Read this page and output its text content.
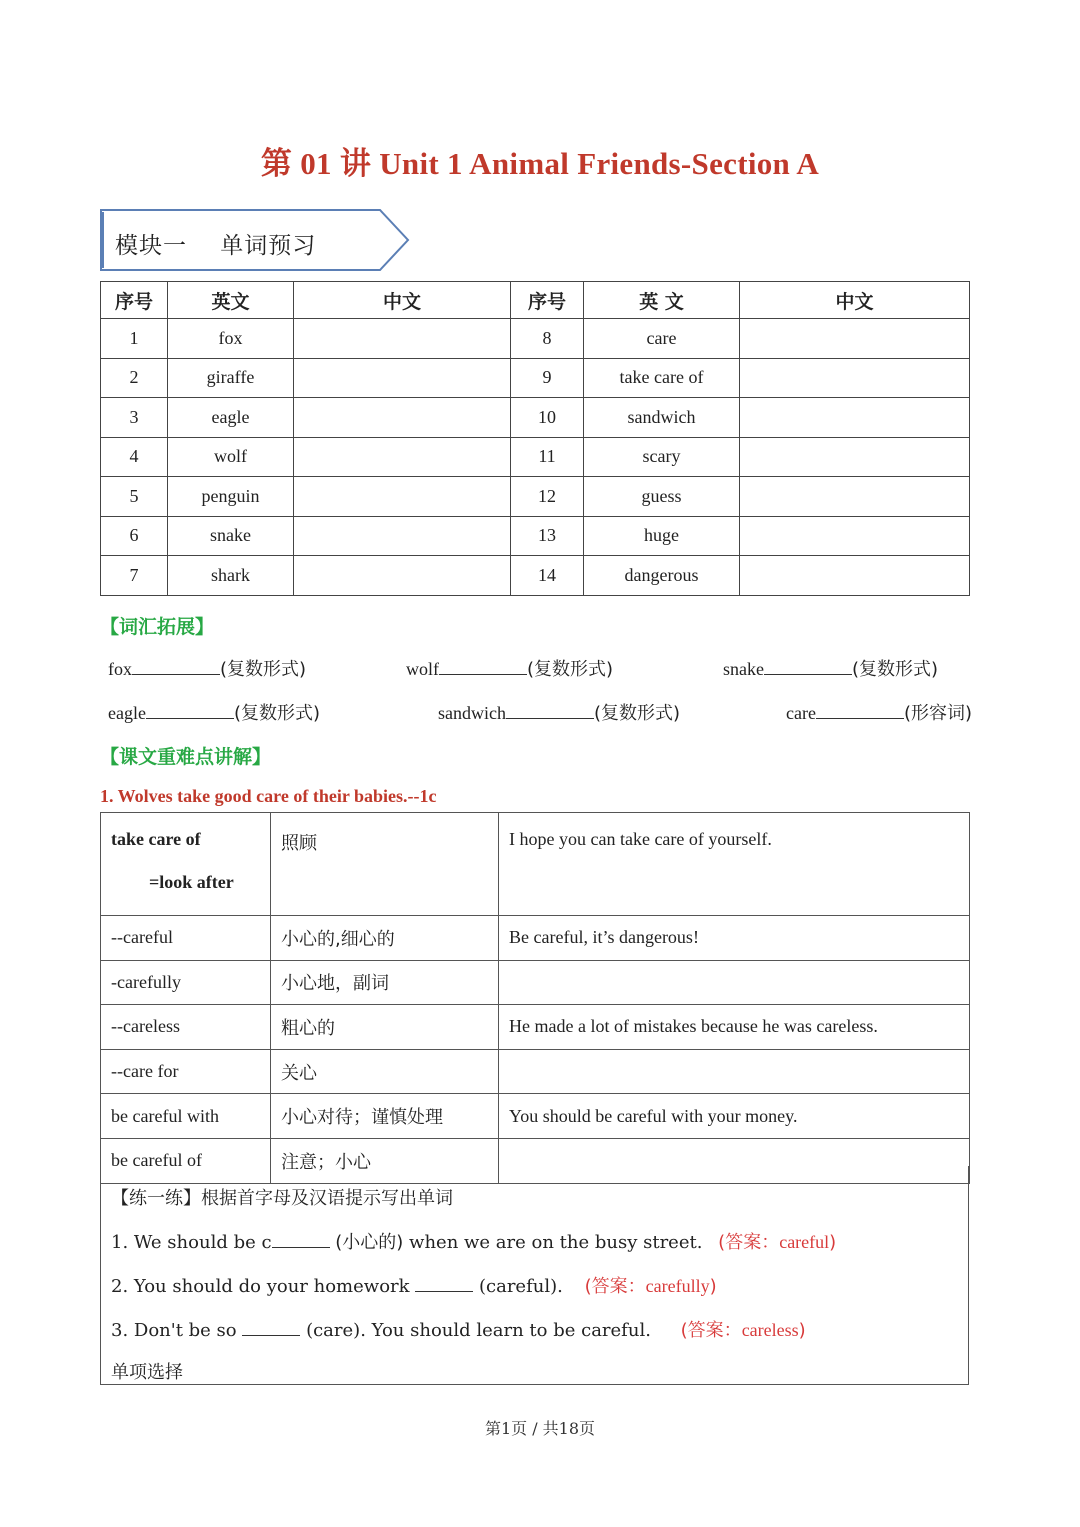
第 01 讲 Unit 1 Animal Friends-Section A
模块一    单词预习
序号	英文	中文	序号	英 文	中文
1	fox		8	care	
2	giraffe		9	take care of	
3	eagle		10	sandwich	
4	wolf		11	scary	
5	penguin		12	guess	
6	snake		13	huge	
7	shark		14	dangerous	
【词汇拓展】
fox	(复数形式)	wolf	(复数形式)	snake	(复数形式)
eagle	(复数形式)	sandwich	(复数形式)	care	(形容词)
【课文重难点讲解】
1. Wolves take good care of their babies.--1c
take care of
=look after	照顾	I hope you can take care of yourself.
--careful	小心的,细心的	Be careful, it’s dangerous!
-carefully	小心地，副词	
--careless	粗心的	He made a lot of mistakes because he was careless.
--care for	关心	
be careful with	小心对待；谨慎处理	You should be careful with your money.
be careful of	注意；小心	
【练一练】根据首字母及汉语提示写出单词
1. We should be c	(小心的) when we are on the busy street. (答案：careful)
2. You should do your homework	(careful). (答案：carefully)
3. Don't be so	(care). You should learn to be careful. (答案：careless)
单项选择
第1页 / 共18页
